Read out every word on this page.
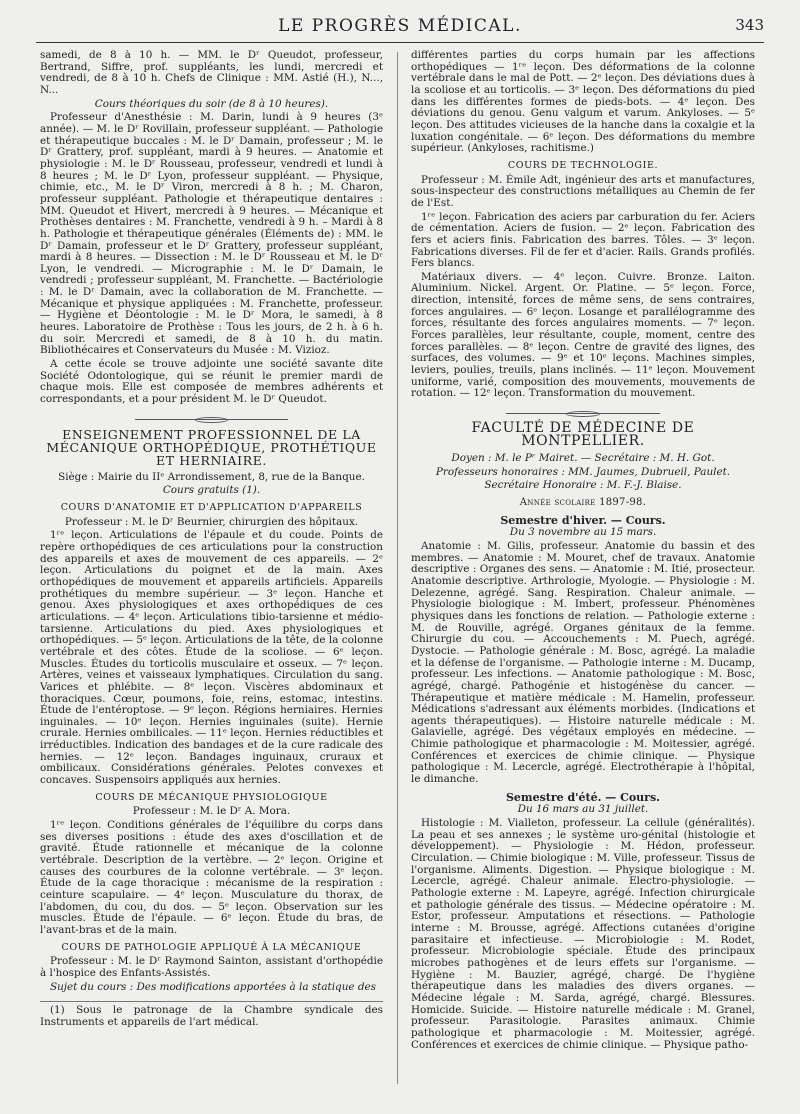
LE PROGRÈS MÉDICAL.	343

samedi, de 8 à 10 h. — MM. le Dʳ Queudot, professeur, Bertrand, Siffre, prof. suppléants, les lundi, mercredi et vendredi, de 8 à 10 h. Chefs de Clinique : MM. Astié (H.), N..., N...

Cours théoriques du soir (de 8 à 10 heures).

Professeur d'Anesthésie : M. Darin, lundi à 9 heures (3ᵉ année). — M. le Dʳ Rovillain, professeur suppléant. — Pathologie et thérapeutique buccales : M. le Dʳ Damain, professeur ; M. le Dʳ Grattery, prof. suppléant, mardi à 9 heures. — Anatomie et physiologie : M. le Dʳ Rousseau, professeur, vendredi et lundi à 8 heures ; M. le Dʳ Lyon, professeur suppléant. — Physique, chimie, etc., M. le Dʳ Viron, mercredi à 8 h. ; M. Charon, professeur suppléant. Pathologie et thérapeutique dentaires : MM. Queudot et Hivert, mercredi à 9 heures. — Mécanique et Prothèses dentaires : M. Franchette, vendredi à 9 h. – Mardi à 8 h. Pathologie et thérapeutique générales (Éléments de) : MM. le Dʳ Damain, professeur et le Dʳ Grattery, professeur suppléant, mardi à 8 heures. — Dissection : M. le Dʳ Rousseau et M. le Dʳ Lyon, le vendredi. — Micrographie : M. le Dʳ Damain, le vendredi ; professeur suppléant, M. Franchette. — Bactériologie : M. le Dʳ Damain, avec la collaboration de M. Franchette. — Mécanique et physique appliquées : M. Franchette, professeur. — Hygiène et Déontologie : M. le Dʳ Mora, le samedi, à 8 heures. Laboratoire de Prothèse : Tous les jours, de 2 h. à 6 h. du soir. Mercredi et samedi, de 8 à 10 h. du matin. Bibliothécaires et Conservateurs du Musée : M. Vizioz.

A cette école se trouve adjointe une société savante dite Société Odontologique, qui se réunit le premier mardi de chaque mois. Elle est composée de membres adhérents et correspondants, et a pour président M. le Dʳ Queudot.

ENSEIGNEMENT PROFESSIONNEL DE LA MÉCANIQUE ORTHOPÉDIQUE, PROTHÉTIQUE ET HERNIAIRE.

Siège : Mairie du IIᵉ Arrondissement, 8, rue de la Banque.

Cours gratuits (1).

COURS D'ANATOMIE ET D'APPLICATION D'APPAREILS

Professeur : M. le Dʳ Beurnier, chirurgien des hôpitaux.

1ʳᵉ leçon. Articulations de l'épaule et du coude. Points de repère orthopédiques de ces articulations pour la construction des appareils et axes de mouvement de ces appareils. — 2ᵉ leçon. Articulations du poignet et de la main. Axes orthopédiques de mouvement et appareils artificiels. Appareils prothétiques du membre supérieur. — 3ᵉ leçon. Hanche et genou. Axes physiologiques et axes orthopédiques de ces articulations. — 4ᵉ leçon. Articulations tibio-tarsienne et médio-tarsienne. Articulations du pied. Axes physiologiques et orthopédiques. — 5ᵉ leçon. Articulations de la tête, de la colonne vertébrale et des côtes. Étude de la scoliose. — 6ᵉ leçon. Muscles. Études du torticolis musculaire et osseux. — 7ᵉ leçon. Artères, veines et vaisseaux lymphatiques. Circulation du sang. Varices et phlébite. — 8ᵉ leçon. Viscères abdominaux et thoraciques. Cœur, poumons, foie, reins, estomac, intestins. Étude de l'entéroptose. — 9ᵉ leçon. Régions herniaires. Hernies inguinales. — 10ᵉ leçon. Hernies inguinales (suite). Hernie crurale. Hernies ombilicales. — 11ᵉ leçon. Hernies réductibles et irréductibles. Indication des bandages et de la cure radicale des hernies. — 12ᵉ leçon. Bandages inguinaux, cruraux et ombilicaux. Considérations générales. Pelotes convexes et concaves. Suspensoirs appliqués aux hernies.

COURS DE MÉCANIQUE PHYSIOLOGIQUE

Professeur : M. le Dʳ A. Mora.

1ʳᵉ leçon. Conditions générales de l'équilibre du corps dans ses diverses positions : étude des axes d'oscillation et de gravité. Étude rationnelle et mécanique de la colonne vertébrale. Description de la vertèbre. — 2ᵉ leçon. Origine et causes des courbures de la colonne vertébrale. — 3ᵉ leçon. Étude de la cage thoracique : mécanisme de la respiration : ceinture scapulaire. — 4ᵉ leçon. Musculature du thorax, de l'abdomen, du cou, du dos. — 5ᵉ leçon. Observation sur les muscles. Étude de l'épaule. — 6ᵉ leçon. Étude du bras, de l'avant-bras et de la main.

COURS DE PATHOLOGIE APPLIQUÉ À LA MÉCANIQUE

Professeur : M. le Dʳ Raymond Sainton, assistant d'orthopédie à l'hospice des Enfants-Assistés.

Sujet du cours : Des modifications apportées à la statique des

(1) Sous le patronage de la Chambre syndicale des Instruments et appareils de l'art médical.

différentes parties du corps humain par les affections orthopédiques — 1ʳᵉ leçon. Des déformations de la colonne vertébrale dans le mal de Pott. — 2ᵉ leçon. Des déviations dues à la scoliose et au torticolis. — 3ᵉ leçon. Des déformations du pied dans les différentes formes de pieds-bots. — 4ᵉ leçon. Des déviations du genou. Genu valgum et varum. Ankyloses. — 5ᵉ leçon. Des attitudes vicieuses de la hanche dans la coxalgie et la luxation congénitale. — 6ᵉ leçon. Des déformations du membre supérieur. (Ankyloses, rachitisme.)

COURS DE TECHNOLOGIE.

Professeur : M. Émile Adt, ingénieur des arts et manufactures, sous-inspecteur des constructions métalliques au Chemin de fer de l'Est.

1ʳᵉ leçon. Fabrication des aciers par carburation du fer. Aciers de cémentation. Aciers de fusion. — 2ᵉ leçon. Fabrication des fers et aciers finis. Fabrication des barres. Tôles. — 3ᵉ leçon. Fabrications diverses. Fil de fer et d'acier. Rails. Grands profilés. Fers blancs.

Matériaux divers. — 4ᵉ leçon. Cuivre. Bronze. Laiton. Aluminium. Nickel. Argent. Or. Platine. — 5ᵉ leçon. Force, direction, intensité, forces de même sens, de sens contraires, forces angulaires. — 6ᵉ leçon. Losange et parallélogramme des forces, résultante des forces angulaires moments. — 7ᵉ leçon. Forces parallèles, leur résultante, couple, moment, centre des forces parallèles. — 8ᵉ leçon. Centre de gravité des lignes, des surfaces, des volumes. — 9ᵉ et 10ᵉ leçons. Machines simples, leviers, poulies, treuils, plans inclinés. — 11ᵉ leçon. Mouvement uniforme, varié, composition des mouvements, mouvements de rotation. — 12ᵉ leçon. Transformation du mouvement.

FACULTÉ DE MÉDECINE DE MONTPELLIER.

Doyen : M. le Pʳ Mairet. — Secrétaire : M. H. Got.

Professeurs honoraires : MM. Jaumes, Dubrueil, Paulet.

Secrétaire Honoraire : M. F.-J. Blaise.

Année scolaire 1897-98.

Semestre d'hiver. — Cours.

Du 3 novembre au 15 mars.

Anatomie : M. Gilis, professeur. Anatomie du bassin et des membres. — Anatomie : M. Mouret, chef de travaux. Anatomie descriptive : Organes des sens. — Anatomie : M. Itié, prosecteur. Anatomie descriptive. Arthrologie, Myologie. — Physiologie : M. Delezenne, agrégé. Sang. Respiration. Chaleur animale. — Physiologie biologique : M. Imbert, professeur. Phénomènes physiques dans les fonctions de relation. — Pathologie externe : M. de Rouville, agrégé. Organes génitaux de la femme. Chirurgie du cou. — Accouchements : M. Puech, agrégé. Dystocie. — Pathologie générale : M. Bosc, agrégé. La maladie et la défense de l'organisme. — Pathologie interne : M. Ducamp, professeur. Les infections. — Anatomie pathologique : M. Bosc, agrégé, chargé. Pathogénie et histogénèse du cancer. — Thérapeutique et matière médicale : M. Hamelin, professeur. Médications s'adressant aux éléments morbides. (Indications et agents thérapeutiques). — Histoire naturelle médicale : M. Galavielle, agrégé. Des végétaux employés en médecine. — Chimie pathologique et pharmacologie : M. Moitessier, agrégé. Conférences et exercices de chimie clinique. — Physique pathologique : M. Lecercle, agrégé. Electrothérapie à l'hôpital, le dimanche.

Semestre d'été. — Cours.

Du 16 mars au 31 juillet.

Histologie : M. Vialleton, professeur. La cellule (généralités). La peau et ses annexes ; le système uro-génital (histologie et développement). — Physiologie : M. Hédon, professeur. Circulation. — Chimie biologique : M. Ville, professeur. Tissus de l'organisme. Aliments. Digestion. — Physique biologique : M. Lecercle, agrégé. Chaleur animale. Electro-physiologie. — Pathologie externe : M. Lapeyre, agrégé. Infection chirurgicale et pathologie générale des tissus. — Médecine opératoire : M. Estor, professeur. Amputations et résections. — Pathologie interne : M. Brousse, agrégé. Affections cutanées d'origine parasitaire et infectieuse. — Microbiologie : M. Rodet, professeur. Microbiologie spéciale. Étude des principaux microbes pathogènes et de leurs effets sur l'organisme. — Hygiène : M. Bauzier, agrégé, chargé. De l'hygiène thérapeutique dans les maladies des divers organes. — Médecine légale : M. Sarda, agrégé, chargé. Blessures. Homicide. Suicide. — Histoire naturelle médicale : M. Granel, professeur. Parasitologie. Parasites animaux. Chimie pathologique et pharmacologie : M. Moitessier, agrégé. Conférences et exercices de chimie clinique. — Physique patho-
